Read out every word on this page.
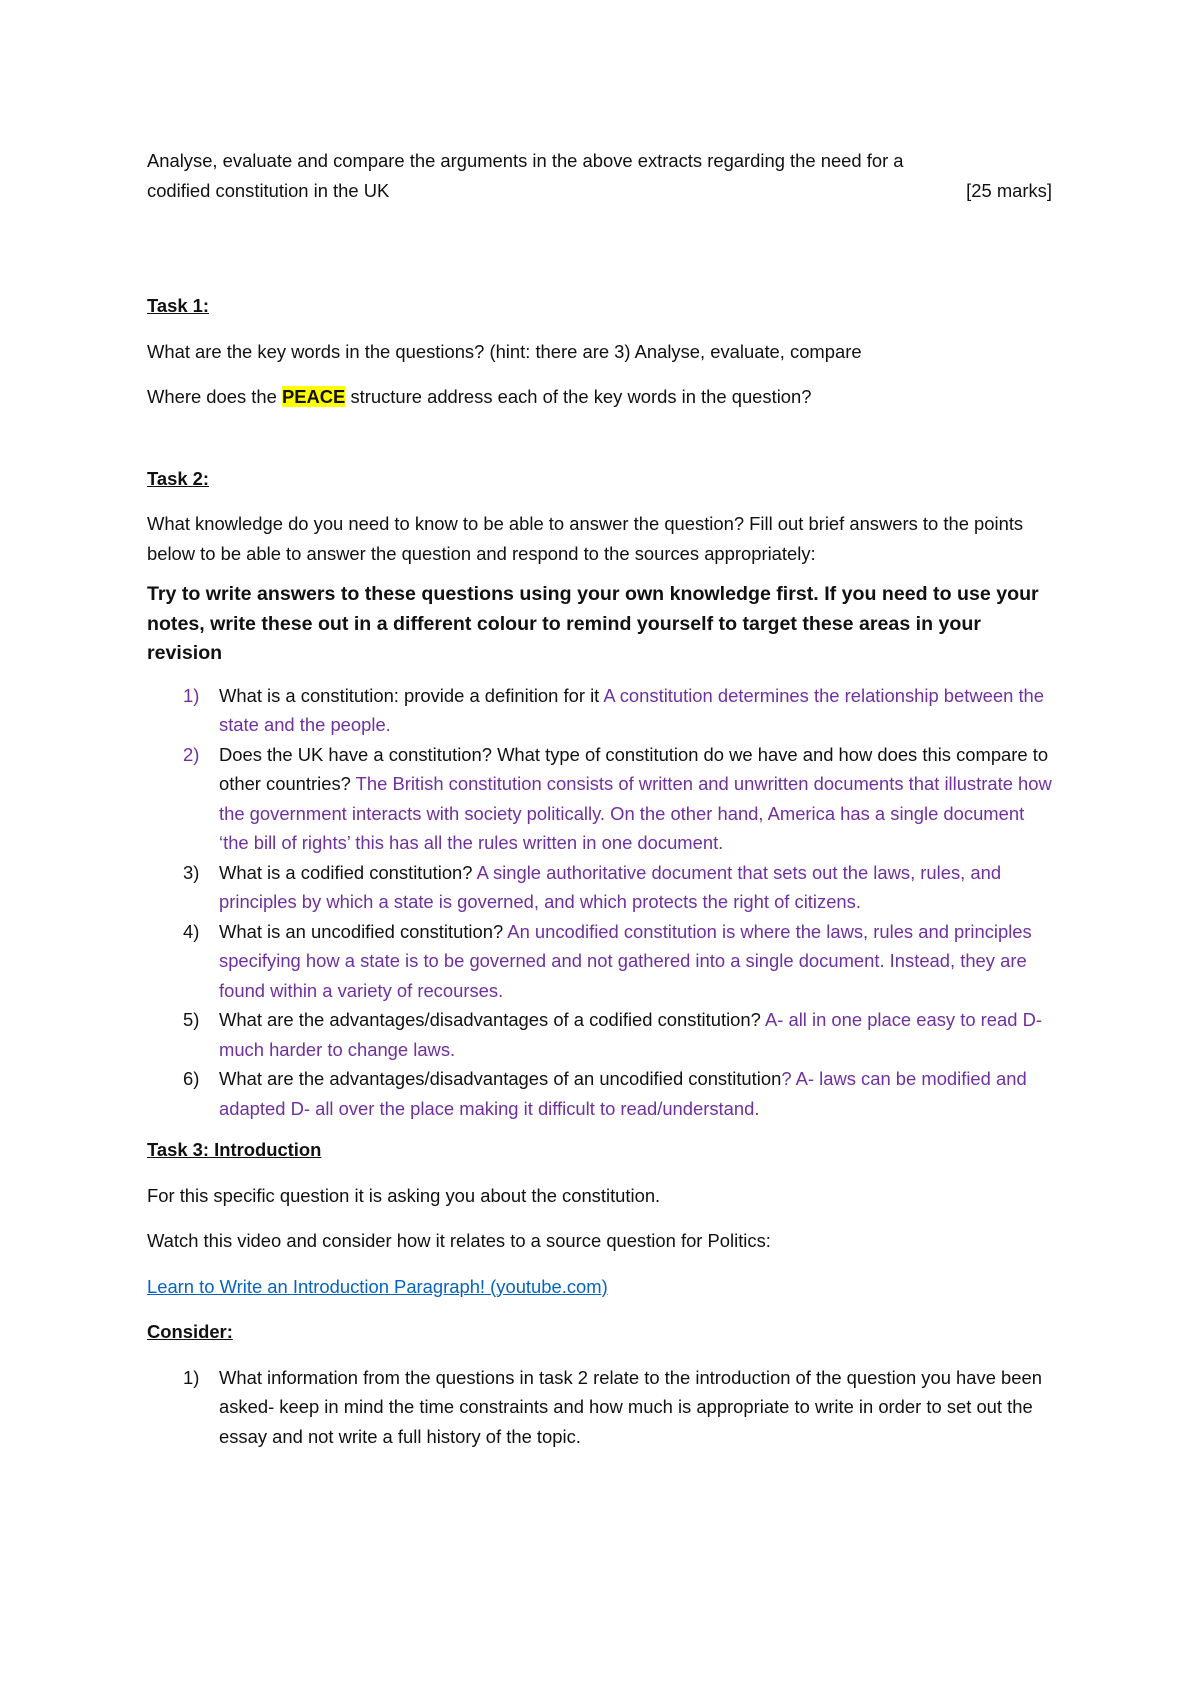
Analyse, evaluate and compare the arguments in the above extracts regarding the need for a

codified constitution in the UK	[25 marks]

Task 1:

What are the key words in the questions? (hint: there are 3) Analyse, evaluate, compare

Where does the PEACE structure address each of the key words in the question?

Task 2:

What knowledge do you need to know to be able to answer the question? Fill out brief answers to the points below to be able to answer the question and respond to the sources appropriately:

Try to write answers to these questions using your own knowledge first. If you need to use your notes, write these out in a different colour to remind yourself to target these areas in your revision

1) What is a constitution: provide a definition for it A constitution determines the relationship between the state and the people.
2) Does the UK have a constitution? What type of constitution do we have and how does this compare to other countries? The British constitution consists of written and unwritten documents that illustrate how the government interacts with society politically. On the other hand, America has a single document ‘the bill of rights’ this has all the rules written in one document.
3) What is a codified constitution? A single authoritative document that sets out the laws, rules, and principles by which a state is governed, and which protects the right of citizens.
4) What is an uncodified constitution? An uncodified constitution is where the laws, rules and principles specifying how a state is to be governed and not gathered into a single document. Instead, they are found within a variety of recourses.
5) What are the advantages/disadvantages of a codified constitution? A- all in one place easy to read D- much harder to change laws.
6) What are the advantages/disadvantages of an uncodified constitution? A- laws can be modified and adapted D- all over the place making it difficult to read/understand.

Task 3: Introduction

For this specific question it is asking you about the constitution.

Watch this video and consider how it relates to a source question for Politics:

Learn to Write an Introduction Paragraph! (youtube.com)

Consider:

1) What information from the questions in task 2 relate to the introduction of the question you have been asked- keep in mind the time constraints and how much is appropriate to write in order to set out the essay and not write a full history of the topic.
